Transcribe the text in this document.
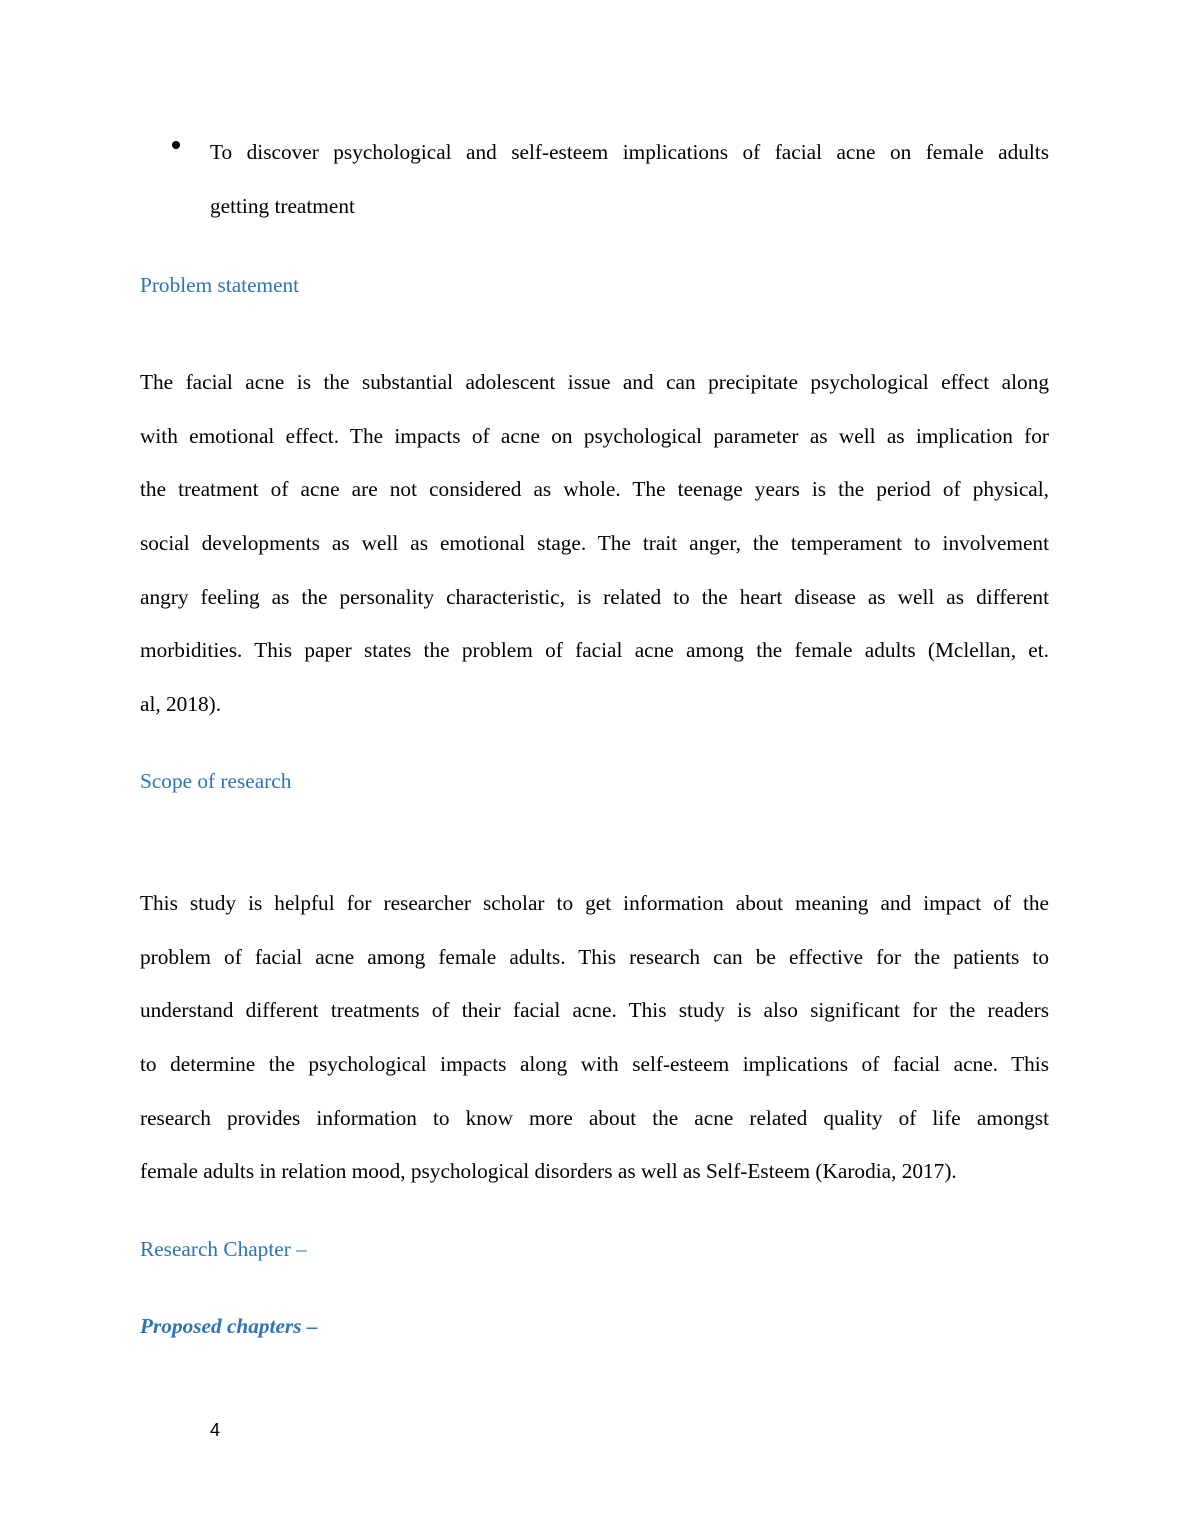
To discover psychological and self-esteem implications of facial acne on female adults
getting treatment
Problem statement
The facial acne is the substantial adolescent issue and can precipitate psychological effect along
with emotional effect. The impacts of acne on psychological parameter as well as implication for
the treatment of acne are not considered as whole. The teenage years is the period of physical,
social developments as well as emotional stage. The trait anger, the temperament to involvement
angry feeling as the personality characteristic, is related to the heart disease as well as different
morbidities. This paper states the problem of facial acne among the female adults (Mclellan, et.
al, 2018).
Scope of research
This study is helpful for researcher scholar to get information about meaning and impact of the
problem of facial acne among female adults. This research can be effective for the patients to
understand different treatments of their facial acne. This study is also significant for the readers
to determine the psychological impacts along with self-esteem implications of facial acne. This
research provides information to know more about the acne related quality of life amongst
female adults in relation mood, psychological disorders as well as Self-Esteem (Karodia, 2017).
Research Chapter –
Proposed chapters –
4
